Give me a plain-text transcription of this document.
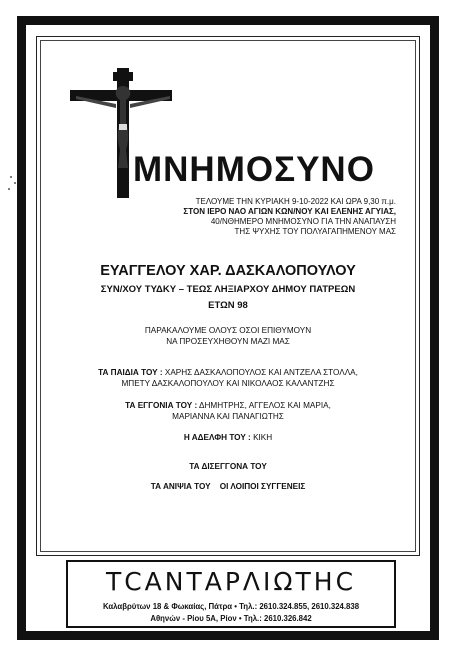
ΜΝΗΜΟΣΥΝΟ
ΤΕΛΟΥΜΕ ΤΗΝ ΚΥΡΙΑΚΗ 9-10-2022 ΚΑΙ ΩΡΑ 9,30 π.μ.
ΣΤΟΝ ΙΕΡΟ ΝΑΟ ΑΓΙΩΝ ΚΩΝ/ΝΟΥ ΚΑΙ ΕΛΕΝΗΣ ΑΓΥΙΑΣ,
40/ΝΘΗΜΕΡΟ ΜΝΗΜΟΣΥΝΟ ΓΙΑ ΤΗΝ ΑΝΑΠΑΥΣΗ
ΤΗΣ ΨΥΧΗΣ ΤΟΥ ΠΟΛΥΑΓΑΠΗΜΕΝΟΥ ΜΑΣ
ΕΥΑΓΓΕΛΟΥ ΧΑΡ. ΔΑΣΚΑΛΟΠΟΥΛΟΥ
ΣΥΝ/ΧΟΥ ΤΥΔΚΥ – ΤΕΩΣ ΛΗΞΙΑΡΧΟΥ ΔΗΜΟΥ ΠΑΤΡΕΩΝ
ΕΤΩΝ 98
ΠΑΡΑΚΑΛΟΥΜΕ ΟΛΟΥΣ ΟΣΟΙ ΕΠΙΘΥΜΟΥΝ
ΝΑ ΠΡΟΣΕΥΧΗΘΟΥΝ ΜΑΖΙ ΜΑΣ
ΤΑ ΠΑΙΔΙΑ ΤΟΥ : ΧΑΡΗΣ ΔΑΣΚΑΛΟΠΟΥΛΟΣ ΚΑΙ ΑΝΤΖΕΛΑ ΣΤΟΛΛΑ,
ΜΠΕΤΥ ΔΑΣΚΑΛΟΠΟΥΛΟΥ ΚΑΙ ΝΙΚΟΛΑΟΣ ΚΑΛΑΝΤΖΗΣ
ΤΑ ΕΓΓΟΝΙΑ ΤΟΥ : ΔΗΜΗΤΡΗΣ, ΑΓΓΕΛΟΣ ΚΑΙ ΜΑΡΙΑ,
ΜΑΡΙΑΝΝΑ ΚΑΙ ΠΑΝΑΓΙΩΤΗΣ
Η ΑΔΕΛΦΗ ΤΟΥ : ΚΙΚΗ
ΤΑ ΔΙΣΕΓΓΟΝΑ ΤΟΥ
ΤΑ ΑΝΙΨΙΑ ΤΟΥ ΟΙ ΛΟΙΠΟΙ ΣΥΓΓΕΝΕΙΣ
ΤϹΑΝΤΑΡΛΙΩΤΗϹ
Καλαβρύτων 18 & Φωκαίας, Πάτρα • Τηλ.: 2610.324.855, 2610.324.838
Αθηνών - Ρίου 5Α, Ρίον • Τηλ.: 2610.326.842
